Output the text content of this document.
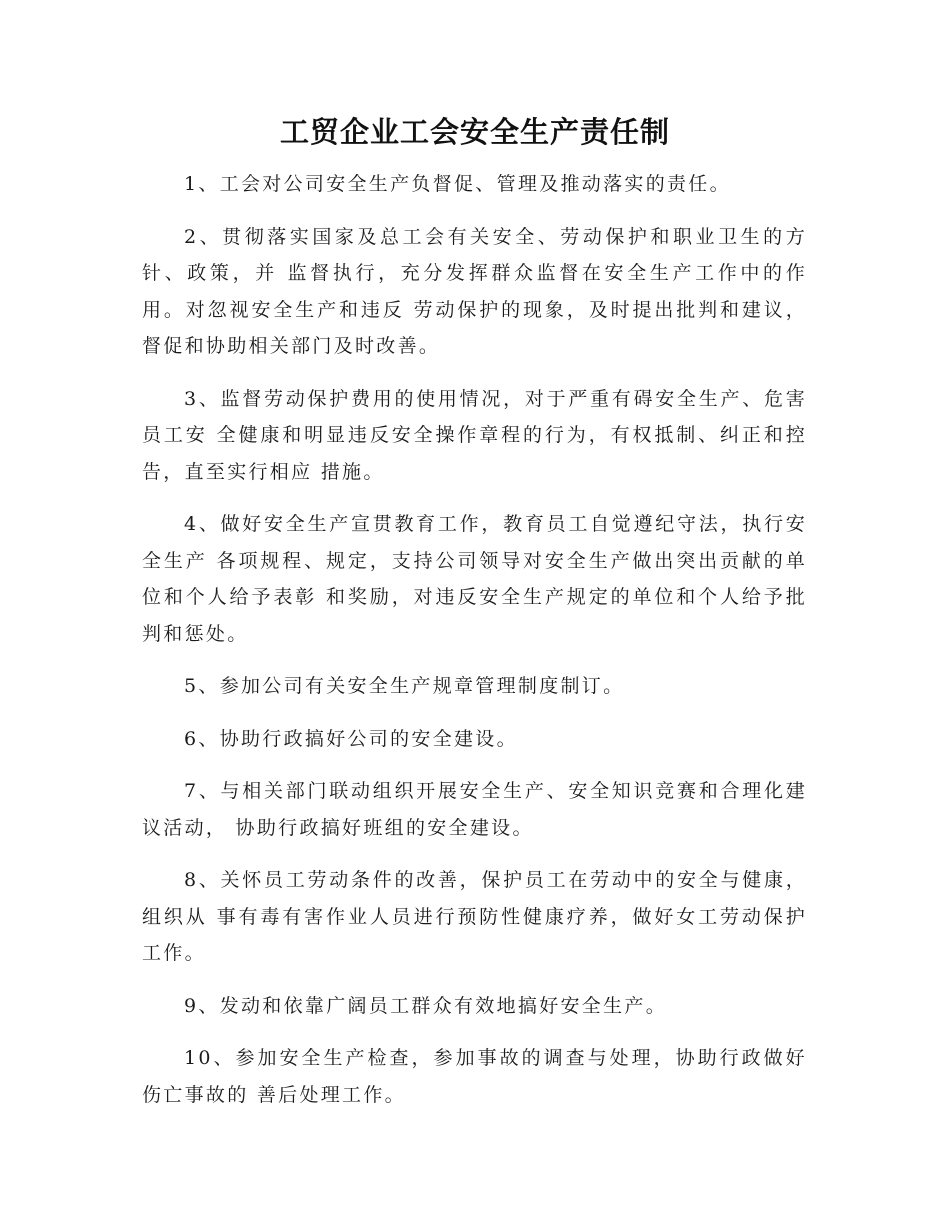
工贸企业工会安全生产责任制

1、工会对公司安全生产负督促、管理及推动落实的责任。

2、贯彻落实国家及总工会有关安全、劳动保护和职业卫生的方针、政策，并 监督执行，充分发挥群众监督在安全生产工作中的作用。对忽视安全生产和违反 劳动保护的现象，及时提出批判和建议，督促和协助相关部门及时改善。

3、监督劳动保护费用的使用情况，对于严重有碍安全生产、危害员工安 全健康和明显违反安全操作章程的行为，有权抵制、纠正和控告，直至实行相应 措施。

4、做好安全生产宣贯教育工作，教育员工自觉遵纪守法，执行安全生产 各项规程、规定，支持公司领导对安全生产做出突出贡献的单位和个人给予表彰 和奖励，对违反安全生产规定的单位和个人给予批判和惩处。

5、参加公司有关安全生产规章管理制度制订。

6、协助行政搞好公司的安全建设。

7、与相关部门联动组织开展安全生产、安全知识竞赛和合理化建议活动， 协助行政搞好班组的安全建设。

8、关怀员工劳动条件的改善，保护员工在劳动中的安全与健康，组织从 事有毒有害作业人员进行预防性健康疗养，做好女工劳动保护工作。

9、发动和依靠广阔员工群众有效地搞好安全生产。

10、参加安全生产检查，参加事故的调查与处理，协助行政做好伤亡事故的 善后处理工作。
